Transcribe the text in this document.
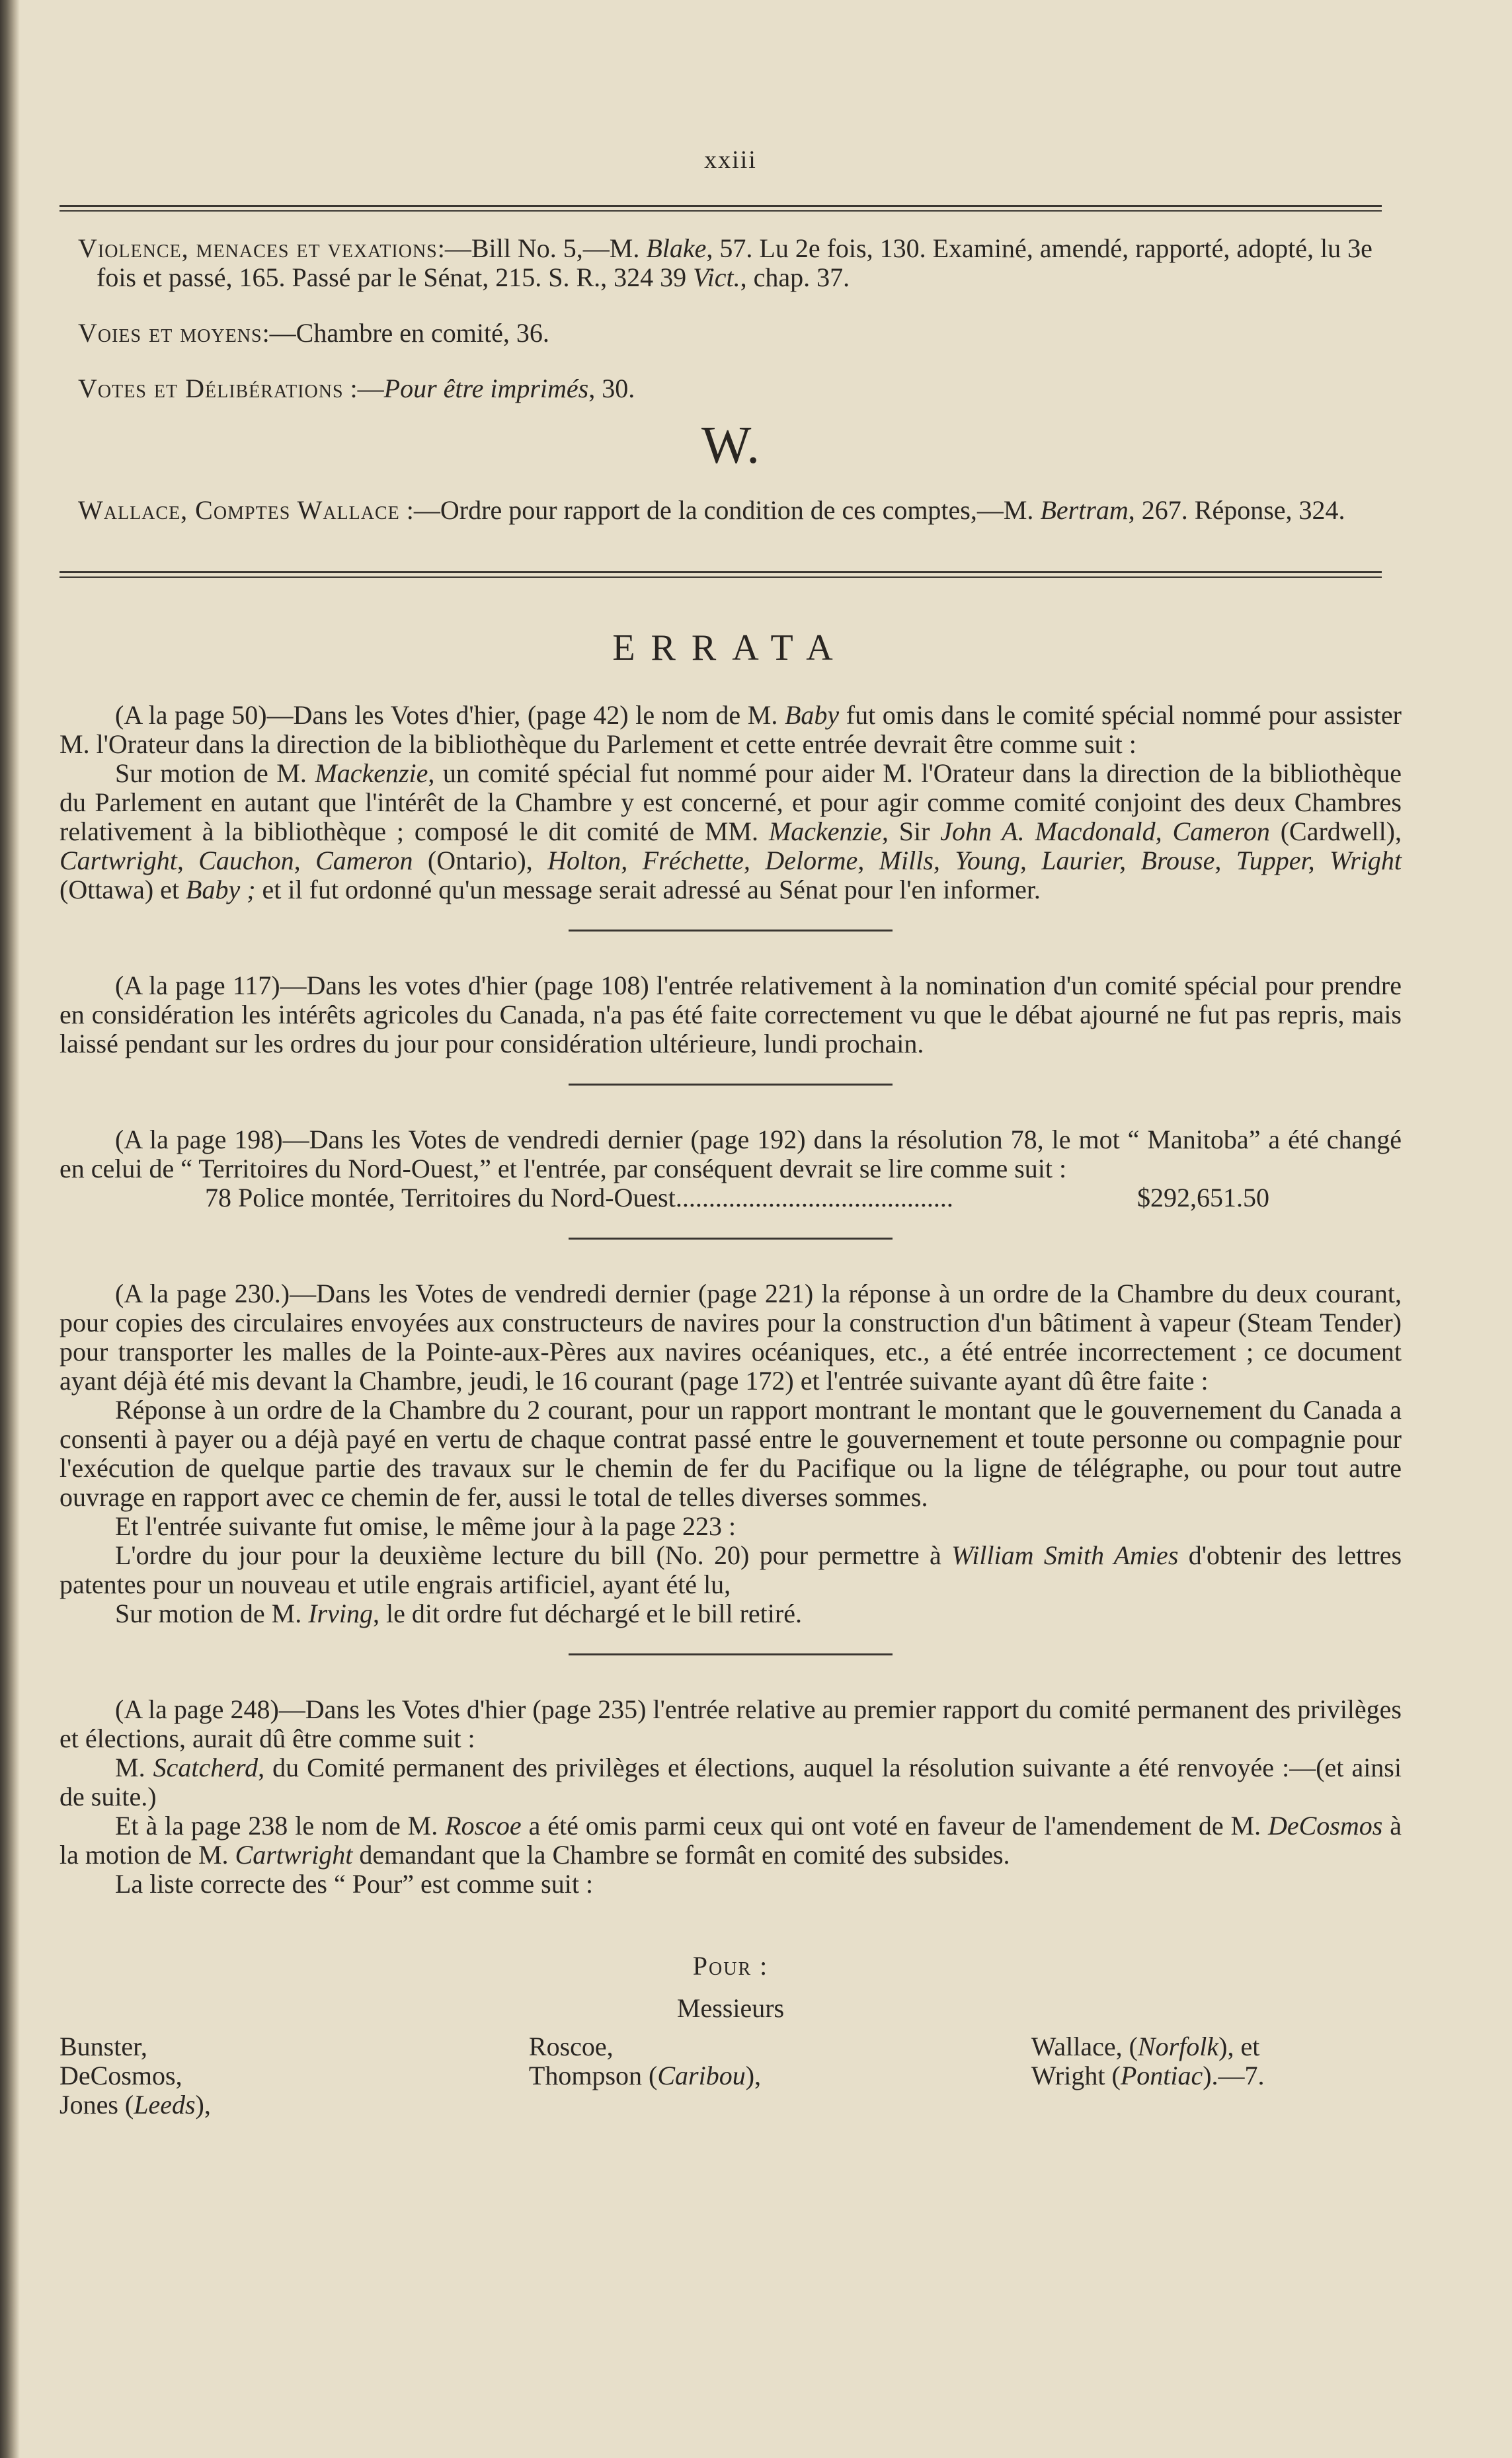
xxiii

Violence, menaces et vexations:—Bill No. 5,—M. Blake, 57. Lu 2e fois, 130. Examiné, amendé, rapporté, adopté, lu 3e fois et passé, 165. Passé par le Sénat, 215. S. R., 324 39 Vict., chap. 37.

Voies et moyens:—Chambre en comité, 36.

Votes et Délibérations :—Pour être imprimés, 30.

W.

Wallace, Comptes Wallace :—Ordre pour rapport de la condition de ces comptes,—M. Bertram, 267. Réponse, 324.

ERRATA

(A la page 50)—Dans les Votes d'hier, (page 42) le nom de M. Baby fut omis dans le comité spécial nommé pour assister M. l'Orateur dans la direction de la bibliothèque du Parlement et cette entrée devrait être comme suit :

Sur motion de M. Mackenzie, un comité spécial fut nommé pour aider M. l'Orateur dans la direction de la bibliothèque du Parlement en autant que l'intérêt de la Chambre y est concerné, et pour agir comme comité conjoint des deux Chambres relativement à la bibliothèque ; composé le dit comité de MM. Mackenzie, Sir John A. Macdonald, Cameron (Cardwell), Cartwright, Cauchon, Cameron (Ontario), Holton, Fréchette, Delorme, Mills, Young, Laurier, Brouse, Tupper, Wright (Ottawa) et Baby ; et il fut ordonné qu'un message serait adressé au Sénat pour l'en informer.

(A la page 117)—Dans les votes d'hier (page 108) l'entrée relativement à la nomination d'un comité spécial pour prendre en considération les intérêts agricoles du Canada, n'a pas été faite correctement vu que le débat ajourné ne fut pas repris, mais laissé pendant sur les ordres du jour pour considération ultérieure, lundi prochain.

(A la page 198)—Dans les Votes de vendredi dernier (page 192) dans la résolution 78, le mot “ Manitoba” a été changé en celui de “ Territoires du Nord-Ouest,” et l'entrée, par conséquent devrait se lire comme suit :

78 Police montée, Territoires du Nord-Ouest..........................................	$292,651.50

(A la page 230.)—Dans les Votes de vendredi dernier (page 221) la réponse à un ordre de la Chambre du deux courant, pour copies des circulaires envoyées aux constructeurs de navires pour la construction d'un bâtiment à vapeur (Steam Tender) pour transporter les malles de la Pointe-aux-Pères aux navires océaniques, etc., a été entrée incorrectement ; ce document ayant déjà été mis devant la Chambre, jeudi, le 16 courant (page 172) et l'entrée suivante ayant dû être faite :

Réponse à un ordre de la Chambre du 2 courant, pour un rapport montrant le montant que le gouvernement du Canada a consenti à payer ou a déjà payé en vertu de chaque contrat passé entre le gouvernement et toute personne ou compagnie pour l'exécution de quelque partie des travaux sur le chemin de fer du Pacifique ou la ligne de télégraphe, ou pour tout autre ouvrage en rapport avec ce chemin de fer, aussi le total de telles diverses sommes.

Et l'entrée suivante fut omise, le même jour à la page 223 :

L'ordre du jour pour la deuxième lecture du bill (No. 20) pour permettre à William Smith Amies d'obtenir des lettres patentes pour un nouveau et utile engrais artificiel, ayant été lu,

Sur motion de M. Irving, le dit ordre fut déchargé et le bill retiré.

(A la page 248)—Dans les Votes d'hier (page 235) l'entrée relative au premier rapport du comité permanent des privilèges et élections, aurait dû être comme suit :

M. Scatcherd, du Comité permanent des privilèges et élections, auquel la résolution suivante a été renvoyée :—(et ainsi de suite.)

Et à la page 238 le nom de M. Roscoe a été omis parmi ceux qui ont voté en faveur de l'amendement de M. DeCosmos à la motion de M. Cartwright demandant que la Chambre se formât en comité des subsides.

La liste correcte des “ Pour” est comme suit :

Pour :
Messieurs
Bunster,
DeCosmos,
Jones (Leeds),
Roscoe,
Thompson (Caribou),
Wallace, (Norfolk), et
Wright (Pontiac).—7.
